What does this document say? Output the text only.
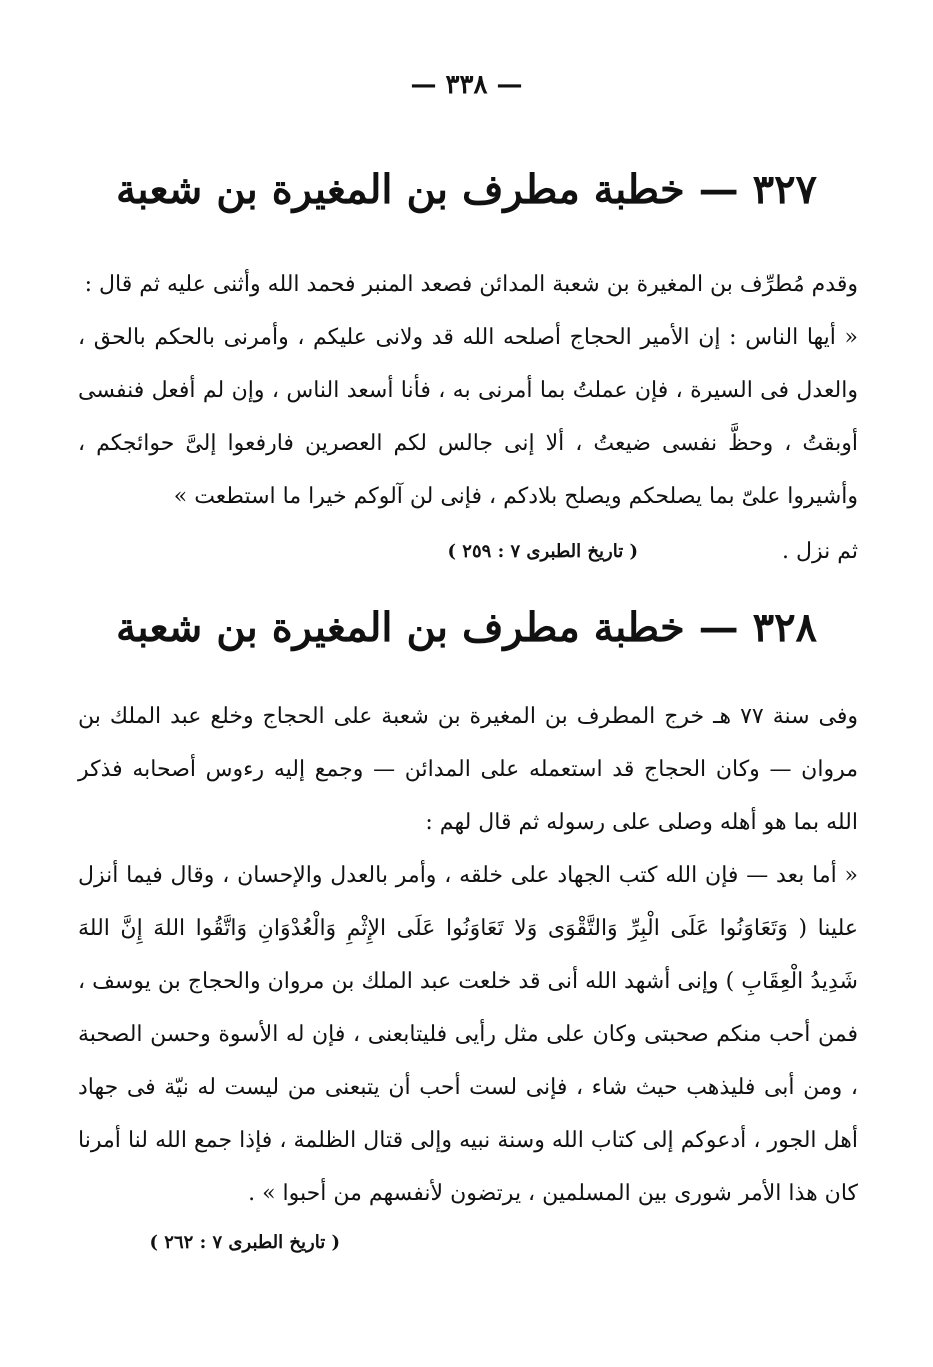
— ٣٣٨ —
٣٢٧ — خطبة مطرف بن المغيرة بن شعبة

وقدم مُطرِّف بن المغيرة بن شعبة المدائن فصعد المنبر فحمد الله وأثنى عليه ثم قال :

« أيها الناس : إن الأمير الحجاج أصلحه الله قد ولانى عليكم ، وأمرنى بالحكم بالحق ، والعدل فى السيرة ، فإن عملتُ بما أمرنى به ، فأنا أسعد الناس ، وإن لم أفعل فنفسى أوبقتُ ، وحظَّ نفسى ضيعتُ ، ألا إنى جالس لكم العصرين فارفعوا إلىَّ حوائجكم ، وأشيروا علىّ بما يصلحكم ويصلح بلادكم ، فإنى لن آلوكم خيرا ما استطعت »

ثم نزل .
( تاريخ الطبرى ٧ : ٢٥٩ )
٣٢٨ — خطبة مطرف بن المغيرة بن شعبة

وفى سنة ٧٧ هـ خرج المطرف بن المغيرة بن شعبة على الحجاج وخلع عبد الملك بن مروان — وكان الحجاج قد استعمله على المدائن — وجمع إليه رءوس أصحابه فذكر الله بما هو أهله وصلى على رسوله ثم قال لهم :

« أما بعد — فإن الله كتب الجهاد على خلقه ، وأمر بالعدل والإحسان ، وقال فيما أنزل علينا ( وَتَعَاوَنُوا عَلَى الْبِرِّ وَالتَّقْوَى وَلا تَعَاوَنُوا عَلَى الإِثْمِ وَالْعُدْوَانِ وَاتَّقُوا اللهَ إِنَّ اللهَ شَدِيدُ الْعِقَابِ ) وإنى أشهد الله أنى قد خلعت عبد الملك بن مروان والحجاج بن يوسف ، فمن أحب منكم صحبتى وكان على مثل رأيى فليتابعنى ، فإن له الأسوة وحسن الصحبة ، ومن أبى فليذهب حيث شاء ، فإنى لست أحب أن يتبعنى من ليست له نيّة فى جهاد أهل الجور ، أدعوكم إلى كتاب الله وسنة نبيه وإلى قتال الظلمة ، فإذا جمع الله لنا أمرنا كان هذا الأمر شورى بين المسلمين ، يرتضون لأنفسهم من أحبوا » .

( تاريخ الطبرى ٧ : ٢٦٢ )
